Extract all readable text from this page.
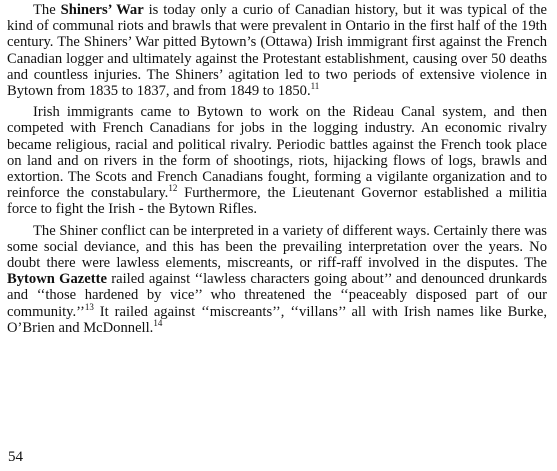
The Shiners’ War is today only a curio of Canadian history, but it was typical of the kind of communal riots and brawls that were prevalent in Ontario in the first half of the 19th century. The Shiners’ War pitted Bytown’s (Ottawa) Irish immigrant first against the French Canadian logger and ultimately against the Protestant establishment, causing over 50 deaths and countless injuries. The Shiners’ agitation led to two periods of extensive violence in Bytown from 1835 to 1837, and from 1849 to 1850.11

Irish immigrants came to Bytown to work on the Rideau Canal system, and then competed with French Canadians for jobs in the logging industry. An economic rivalry became religious, racial and political rivalry. Periodic battles against the French took place on land and on rivers in the form of shootings, riots, hijacking flows of logs, brawls and extortion. The Scots and French Canadians fought, forming a vigilante organization and to reinforce the constabulary.$^{12}$ Furthermore, the Lieutenant Governor established a militia force to fight the Irish - the Bytown Rifles.

The Shiner conflict can be interpreted in a variety of different ways. Certainly there was some social deviance, and this has been the prevailing interpretation over the years. No doubt there were lawless elements, miscreants, or riff-raff involved in the disputes. The Bytown Gazette railed against ‘‘lawless characters going about’’ and denounced drunkards and ‘‘those hardened by vice’’ who threatened the ‘‘peaceably disposed part of our community.’’$^{13}$ It railed against ‘‘miscreants’’, ‘‘villans’’ all with Irish names like Burke, O’Brien and McDonnell.$^{14}$

54
